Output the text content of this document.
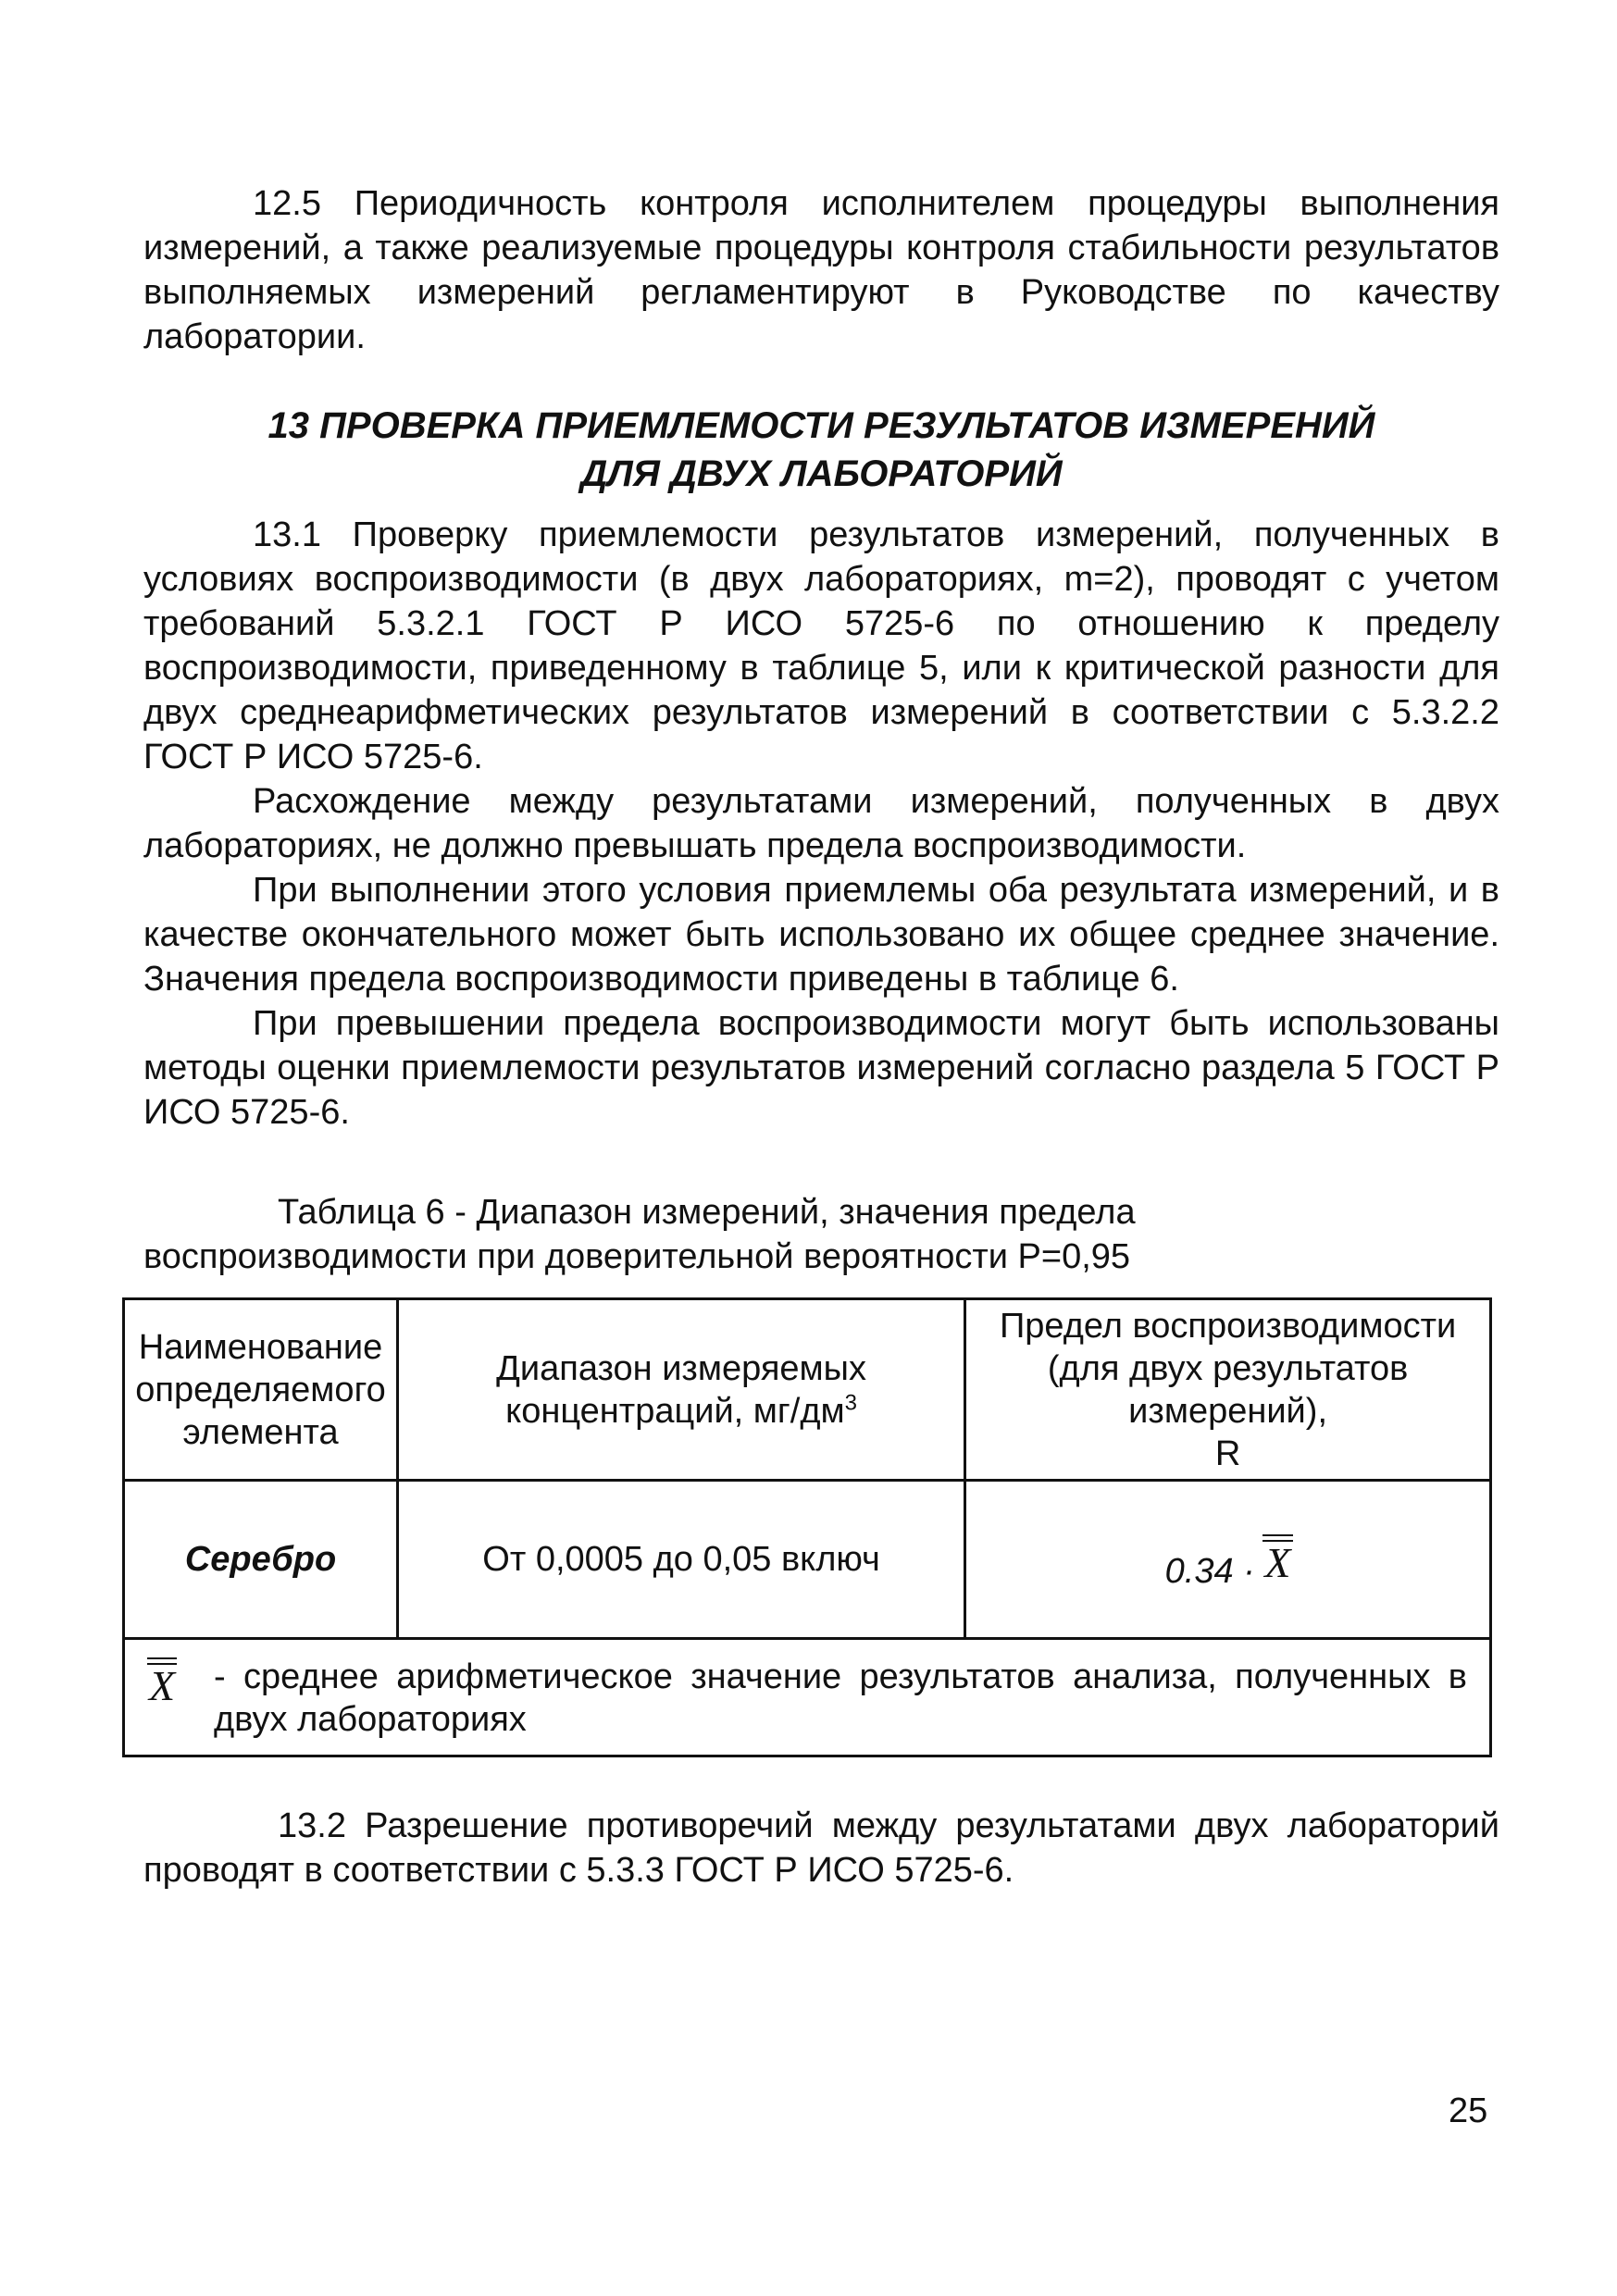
12.5 Периодичность контроля исполнителем процедуры выполнения измерений, а также реализуемые процедуры контроля стабильности результатов выполняемых измерений регламентируют в Руководстве по качеству лаборатории.

13 ПРОВЕРКА ПРИЕМЛЕМОСТИ РЕЗУЛЬТАТОВ ИЗМЕРЕНИЙ
ДЛЯ ДВУХ ЛАБОРАТОРИЙ

13.1 Проверку приемлемости результатов измерений, полученных в условиях воспроизводимости (в двух лабораториях, m=2), проводят с учетом требований 5.3.2.1 ГОСТ Р ИСО 5725-6 по отношению к пределу воспроизводимости, приведенному в таблице 5, или к критической разности для двух среднеарифметических результатов измерений в соответствии с 5.3.2.2 ГОСТ Р ИСО 5725-6.

Расхождение между результатами измерений, полученных в двух лабораториях, не должно превышать предела воспроизводимости.

При выполнении этого условия приемлемы оба результата измерений, и в качестве окончательного может быть использовано их общее среднее значение. Значения предела воспроизводимости приведены в таблице 6.

При превышении предела воспроизводимости могут быть использованы методы оценки приемлемости результатов измерений согласно раздела 5 ГОСТ Р ИСО 5725-6.

Таблица 6 - Диапазон измерений, значения предела воспроизводимости при доверительной вероятности Р=0,95

Наименование определяемого элемента	Диапазон измеряемых концентраций, $мг/дм^3$	Предел воспроизводимости (для двух результатов измерений),
R
Серебро	От 0,0005 до 0,05 включ	0.34 · X

X - среднее арифметическое значение результатов анализа, полученных в двух лабораториях		

13.2 Разрешение противоречий между результатами двух лабораторий проводят в соответствии с 5.3.3 ГОСТ Р ИСО 5725-6.

25
